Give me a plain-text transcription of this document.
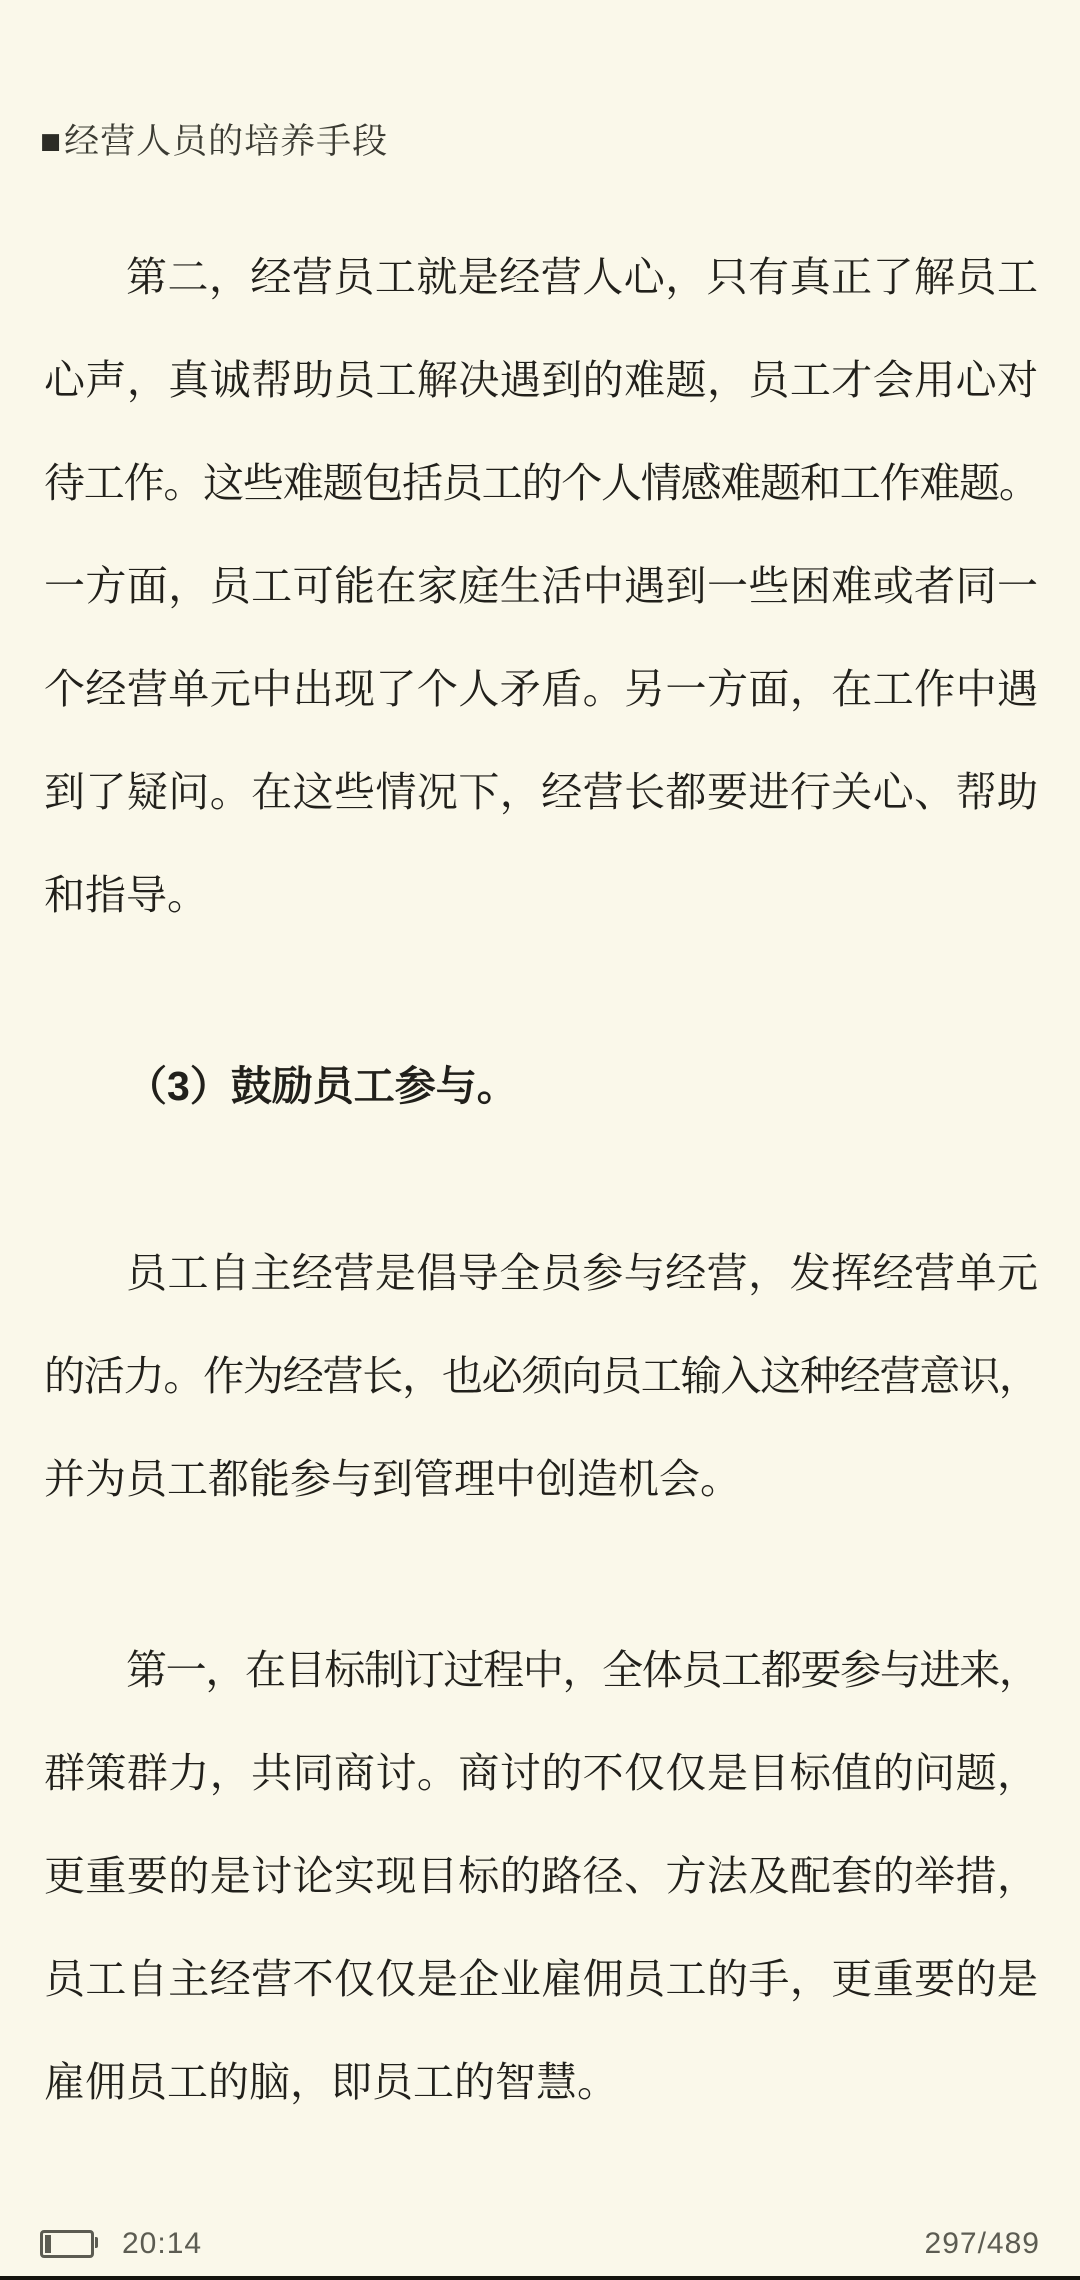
■经营人员的培养手段
第二，经营员工就是经营人心，只有真正了解员工
心声，真诚帮助员工解决遇到的难题，员工才会用心对
待工作。这些难题包括员工的个人情感难题和工作难题。
一方面，员工可能在家庭生活中遇到一些困难或者同一
个经营单元中出现了个人矛盾。另一方面，在工作中遇
到了疑问。在这些情况下，经营长都要进行关心、帮助
和指导。
（3）鼓励员工参与。
员工自主经营是倡导全员参与经营，发挥经营单元
的活力。作为经营长，也必须向员工输入这种经营意识，
并为员工都能参与到管理中创造机会。
第一，在目标制订过程中，全体员工都要参与进来，
群策群力，共同商讨。商讨的不仅仅是目标值的问题，
更重要的是讨论实现目标的路径、方法及配套的举措，
员工自主经营不仅仅是企业雇佣员工的手，更重要的是
雇佣员工的脑，即员工的智慧。
20:14	297/489
